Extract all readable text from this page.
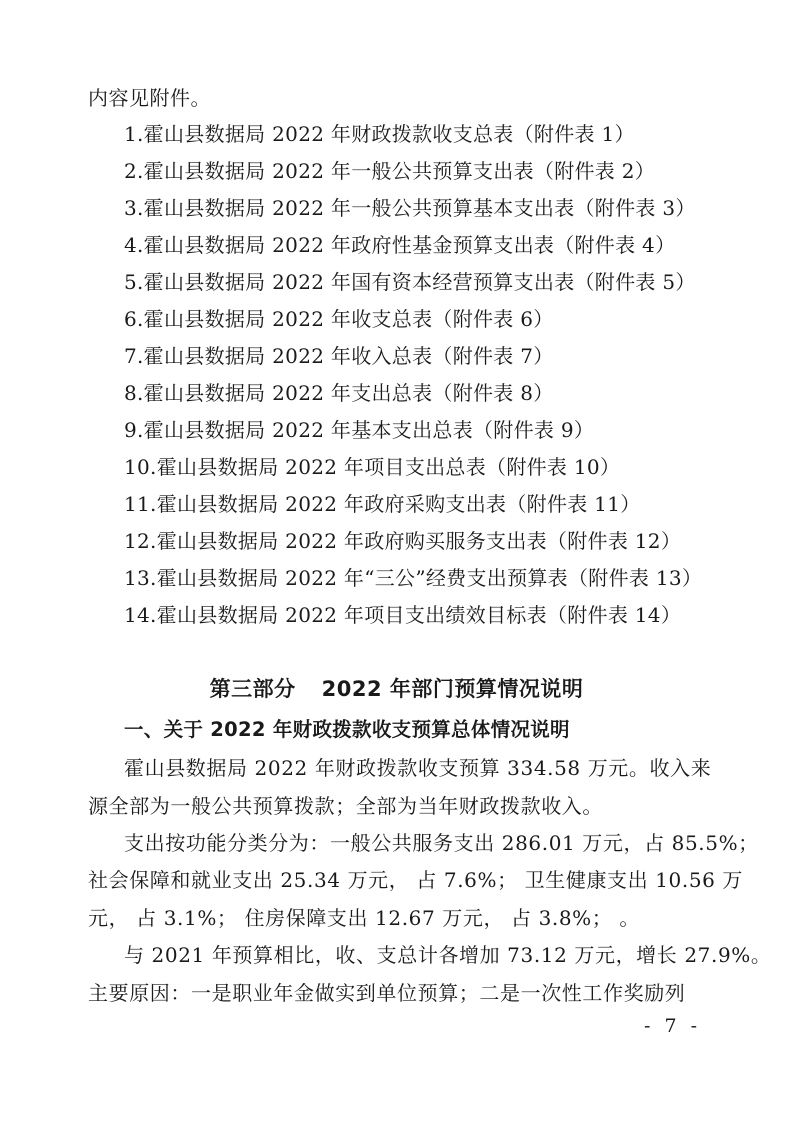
内容见附件。
1.霍山县数据局 2022 年财政拨款收支总表（附件表 1）
2.霍山县数据局 2022 年一般公共预算支出表（附件表 2）
3.霍山县数据局 2022 年一般公共预算基本支出表（附件表 3）
4.霍山县数据局 2022 年政府性基金预算支出表（附件表 4）
5.霍山县数据局 2022 年国有资本经营预算支出表（附件表 5）
6.霍山县数据局 2022 年收支总表（附件表 6）
7.霍山县数据局 2022 年收入总表（附件表 7）
8.霍山县数据局 2022 年支出总表（附件表 8）
9.霍山县数据局 2022 年基本支出总表（附件表 9）
10.霍山县数据局 2022 年项目支出总表（附件表 10）
11.霍山县数据局 2022 年政府采购支出表（附件表 11）
12.霍山县数据局 2022 年政府购买服务支出表（附件表 12）
13.霍山县数据局 2022 年“三公”经费支出预算表（附件表 13）
14.霍山县数据局 2022 年项目支出绩效目标表（附件表 14）
第三部分 2022 年部门预算情况说明
一、关于 2022 年财政拨款收支预算总体情况说明
霍山县数据局 2022 年财政拨款收支预算 334.58 万元。收入来
源全部为一般公共预算拨款；全部为当年财政拨款收入。
支出按功能分类分为：一般公共服务支出 286.01 万元，占 85.5%；
社会保障和就业支出 25.34 万元， 占 7.6%； 卫生健康支出 10.56 万
元， 占 3.1%； 住房保障支出 12.67 万元， 占 3.8%； 。
与 2021 年预算相比，收、支总计各增加 73.12 万元，增长 27.9%。
主要原因：一是职业年金做实到单位预算；二是一次性工作奖励列
- 7 -
